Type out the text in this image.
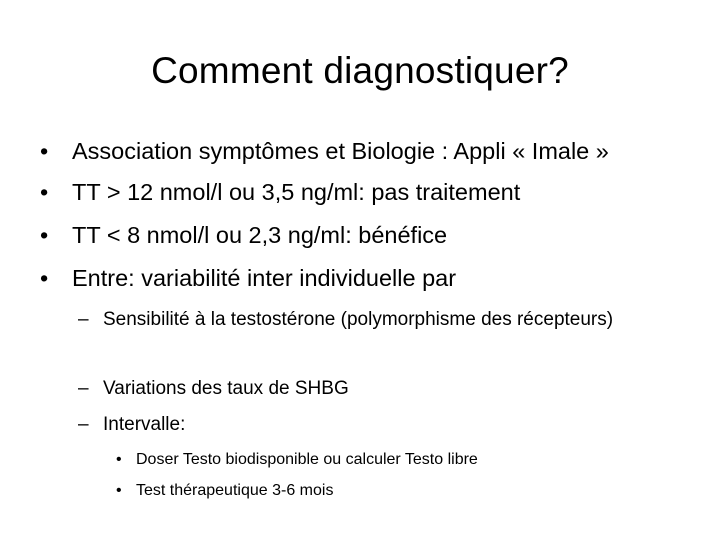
Comment diagnostiquer?
•	Association symptômes et Biologie : Appli « Imale »
•	TT > 12 nmol/l ou 3,5 ng/ml: pas traitement
•	TT < 8 nmol/l ou 2,3 ng/ml: bénéfice
•	Entre: variabilité inter individuelle par
– Sensibilité à la testostérone (polymorphisme des récepteurs)
– Variations des taux de SHBG
– Intervalle:
• Doser Testo biodisponible ou calculer Testo libre
• Test thérapeutique 3-6 mois
